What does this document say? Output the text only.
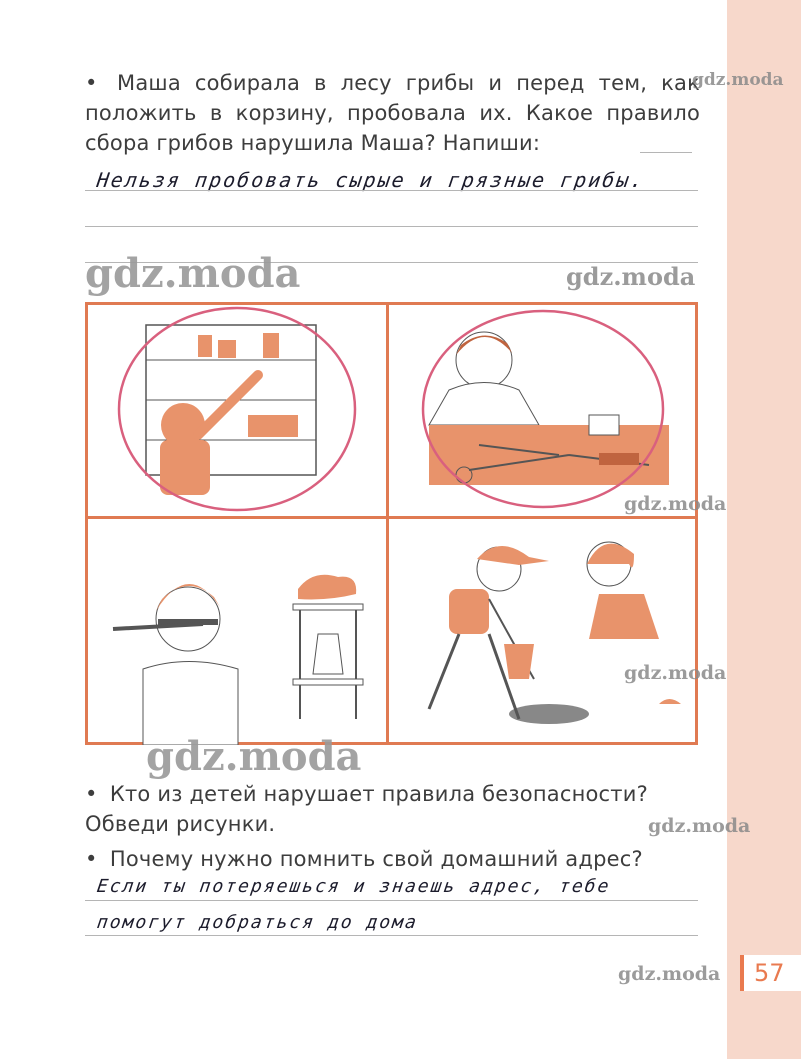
57
• Маша собирала в лесу грибы и перед тем, как положить в корзину, пробовала их. Какое правило сбора грибов нарушила Маша? Напиши:
Нельзя пробовать сырые и грязные грибы.
• Кто из детей нарушает правила безопасности?
Обведи рисунки.
• Почему нужно помнить свой домашний адрес?
Если ты потеряешься и знаешь адрес, тебе
помогут добраться до дома
gdz.moda
gdz.moda	gdz.moda
gdz.moda
gdz.moda
gdz.moda
gdz.moda
gdz.moda
